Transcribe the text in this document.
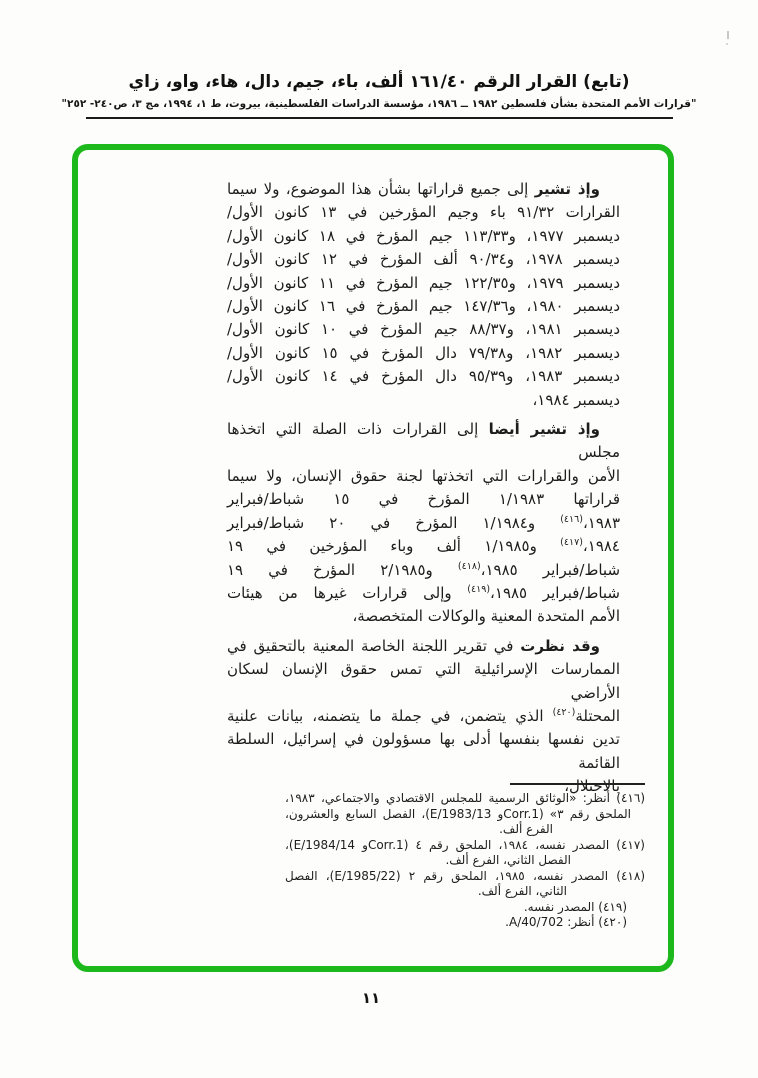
(تابع) القرار الرقم ١٦١/٤٠ ألف، باء، جيم، دال، هاء، واو، زاي
"قرارات الأمم المتحدة بشأن فلسطين ١٩٨٢ ــ ١٩٨٦، مؤسسة الدراسات الفلسطينية، بيروت، ط ١، ١٩٩٤، مج ٣، ص٢٤٠- ٢٥٢"
وإذ تشير إلى جميع قراراتها بشأن هذا الموضوع، ولا سيما
القرارات ٩١/٣٢ باء وجيم المؤرخين في ١٣ كانون الأول/
ديسمبر ١٩٧٧، و١١٣/٣٣ جيم المؤرخ في ١٨ كانون الأول/
ديسمبر ١٩٧٨، و٩٠/٣٤ ألف المؤرخ في ١٢ كانون الأول/
ديسمبر ١٩٧٩، و١٢٢/٣٥ جيم المؤرخ في ١١ كانون الأول/
ديسمبر ١٩٨٠، و١٤٧/٣٦ جيم المؤرخ في ١٦ كانون الأول/
ديسمبر ١٩٨١، و٨٨/٣٧ جيم المؤرخ في ١٠ كانون الأول/
ديسمبر ١٩٨٢، و٧٩/٣٨ دال المؤرخ في ١٥ كانون الأول/
ديسمبر ١٩٨٣، و٩٥/٣٩ دال المؤرخ في ١٤ كانون الأول/
ديسمبر ١٩٨٤،
وإذ تشير أيضا إلى القرارات ذات الصلة التي اتخذها مجلس
الأمن والقرارات التي اتخذتها لجنة حقوق الإنسان، ولا سيما
قراراتها ١/١٩٨٣ المؤرخ في ١٥ شباط/فبراير
١٩٨٣،$^{(٤١٦)}$ و١/١٩٨٤ المؤرخ في ٢٠ شباط/فبراير
١٩٨٤،$^{(٤١٧)}$ و١/١٩٨٥ ألف وباء المؤرخين في ١٩
شباط/فبراير ١٩٨٥،$^{(٤١٨)}$ و٢/١٩٨٥ المؤرخ في ١٩
شباط/فبراير ١٩٨٥،$^{(٤١٩)}$ وإلى قرارات غيرها من هيئات
الأمم المتحدة المعنية والوكالات المتخصصة،
وقد نظرت في تقرير اللجنة الخاصة المعنية بالتحقيق في
الممارسات الإسرائيلية التي تمس حقوق الإنسان لسكان الأراضي
المحتلة$^{(٤٢٠)}$ الذي يتضمن، في جملة ما يتضمنه، بيانات علنية
تدين نفسها بنفسها أدلى بها مسؤولون في إسرائيل، السلطة القائمة
بالاحتلال،
(٤١٦) أنظر: «الوثائق الرسمية للمجلس الاقتصادي والاجتماعي، ١٩٨٣،
الملحق رقم ٣» (‪E/1983/13 وCorr.1‬)، الفصل السابع والعشرون،
الفرع ألف.
(٤١٧) المصدر نفسه، ١٩٨٤، الملحق رقم ٤ (‪E/1984/14 وCorr.1‬)،
الفصل الثاني، الفرع ألف.
(٤١٨) المصدر نفسه، ١٩٨٥، الملحق رقم ٢ (E/1985/22)، الفصل
الثاني، الفرع ألف.
(٤١٩) المصدر نفسه.
(٤٢٠) أنظر: A/40/702.
١١
